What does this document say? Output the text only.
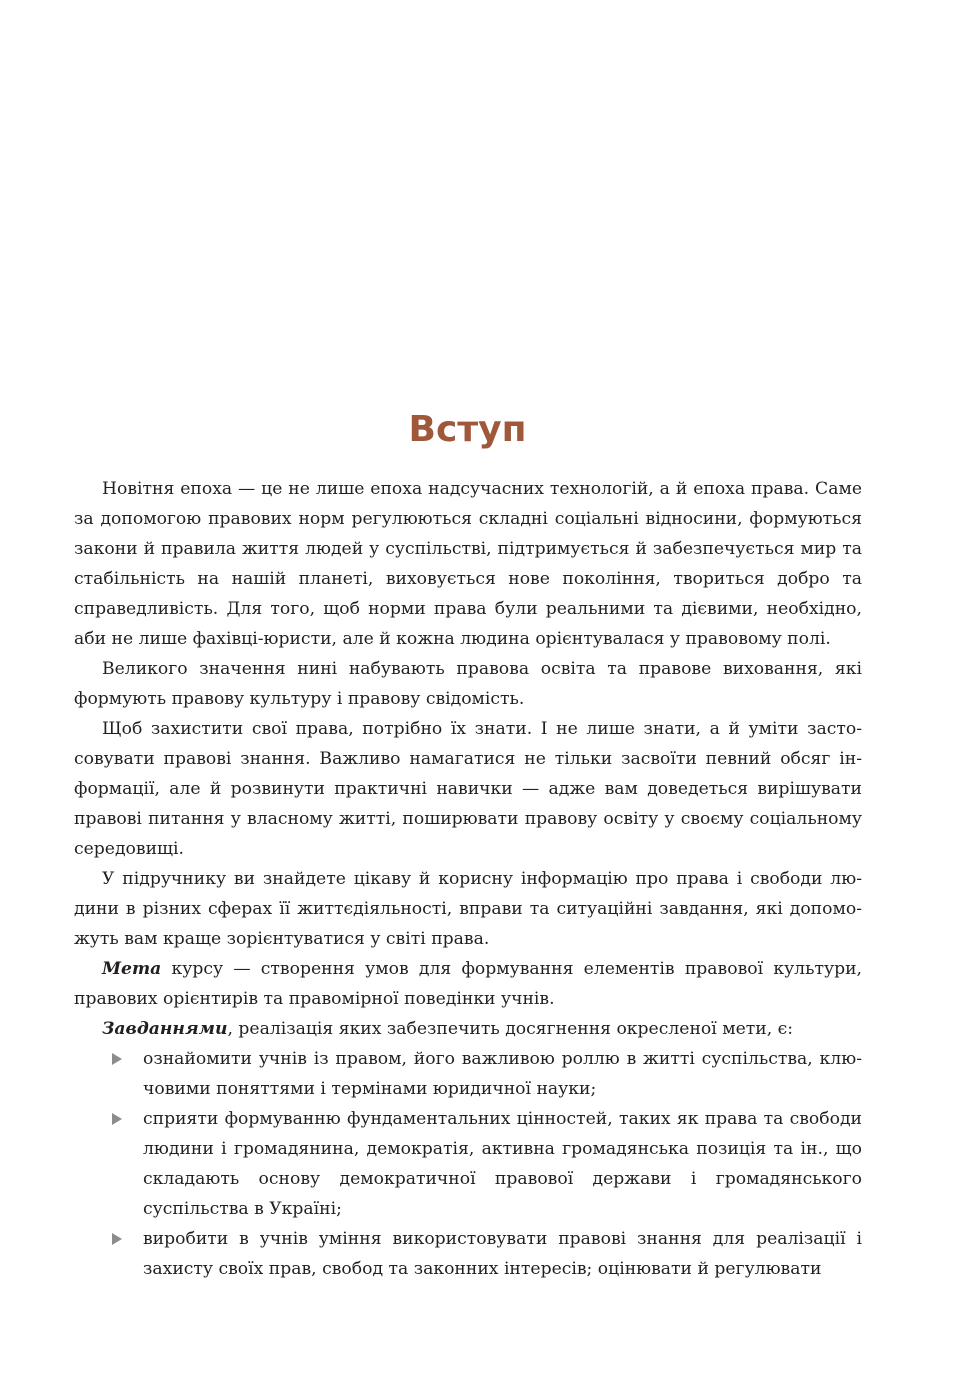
Вступ

Новітня епоха — це не лише епоха надсучасних технологій, а й епоха права. Саме за допомогою правових норм регулюються складні соціальні відносини, формуються закони й правила життя людей у суспільстві, підтримується й забезпечується мир та стабільність на нашій планеті, виховується нове покоління, твориться добро та справедливість. Для того, щоб норми права були реальними та дієвими, необхідно, аби не лише фахівці-юристи, але й кожна людина орієнтувалася у правовому полі.

Великого значення нині набувають правова освіта та правове виховання, які формують правову культуру і правову свідомість.

Щоб захистити свої права, потрібно їх знати. І не лише знати, а й уміти застосовувати правові знання. Важливо намагатися не тільки засвоїти певний обсяг інформації, але й розвинути практичні навички — адже вам доведеться вирішувати правові питання у власному житті, поширювати правову освіту у своєму соціальному середовищі.

У підручнику ви знайдете цікаву й корисну інформацію про права і свободи людини в різних сферах її життєдіяльності, вправи та ситуаційні завдання, які допоможуть вам краще зорієнтуватися у світі права.

Мета курсу — створення умов для формування елементів правової культури, правових орієнтирів та правомірної поведінки учнів.

Завданнями, реалізація яких забезпечить досягнення окресленої мети, є:

ознайомити учнів із правом, його важливою роллю в житті суспільства, ключовими поняттями і термінами юридичної науки;
сприяти формуванню фундаментальних цінностей, таких як права та свободи людини і громадянина, демократія, активна громадянська позиція та ін., що складають основу демократичної правової держави і громадянського суспільства в Україні;
виробити в учнів уміння використовувати правові знання для реалізації і захисту своїх прав, свобод та законних інтересів; оцінювати й регулювати
